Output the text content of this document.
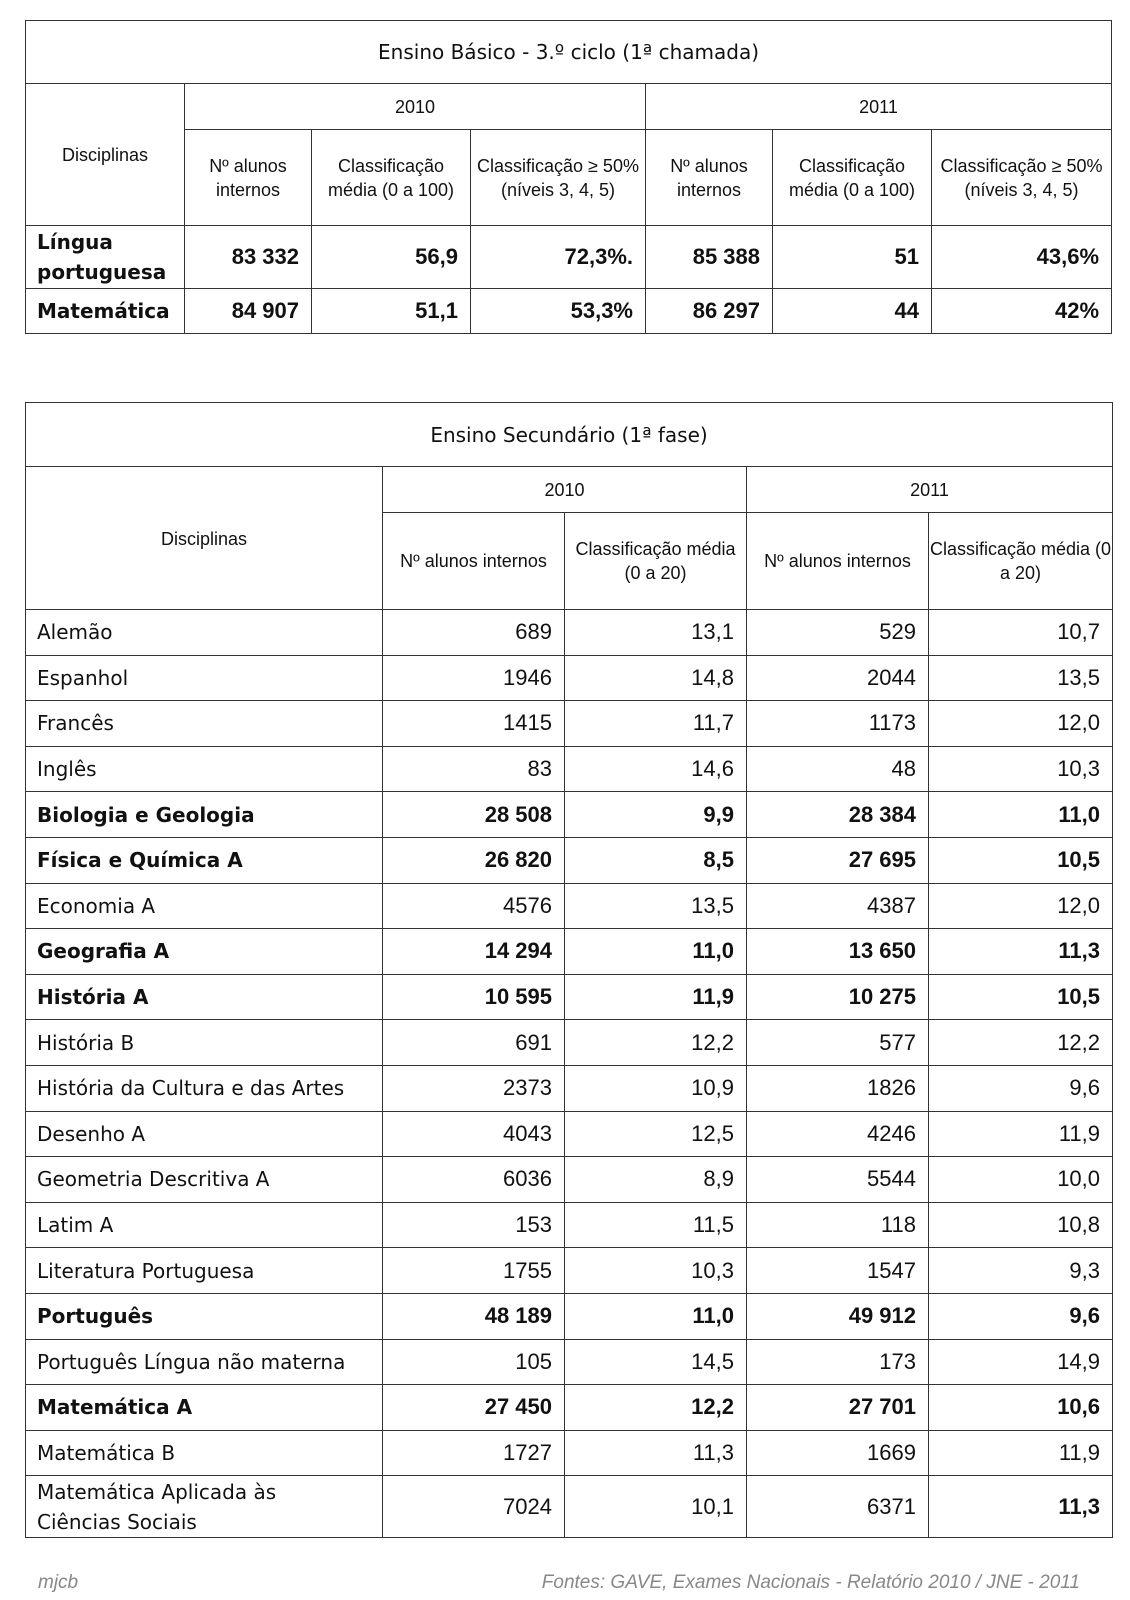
Ensino Básico - 3.º ciclo (1ª chamada)						
Disciplinas	2010			2011		
	Nº alunos internos	Classificação média (0 a 100)	Classificação ≥ 50% (níveis 3, 4, 5)	Nº alunos internos	Classificação média (0 a 100)	Classificação ≥ 50% (níveis 3, 4, 5)
Língua portuguesa	83 332	56,9	72,3%.	85 388	51	43,6%
Matemática	84 907	51,1	53,3%	86 297	44	42%
Ensino Secundário (1ª fase)				
Disciplinas	2010		2011	
	Nº alunos internos	Classificação média (0 a 20)	Nº alunos internos	Classificação média (0 a 20)
Alemão	689	13,1	529	10,7
Espanhol	1946	14,8	2044	13,5
Francês	1415	11,7	1173	12,0
Inglês	83	14,6	48	10,3
Biologia e Geologia	28 508	9,9	28 384	11,0
Física e Química A	26 820	8,5	27 695	10,5
Economia A	4576	13,5	4387	12,0
Geografia A	14 294	11,0	13 650	11,3
História A	10 595	11,9	10 275	10,5
História B	691	12,2	577	12,2
História da Cultura e das Artes	2373	10,9	1826	9,6
Desenho A	4043	12,5	4246	11,9
Geometria Descritiva A	6036	8,9	5544	10,0
Latim A	153	11,5	118	10,8
Literatura Portuguesa	1755	10,3	1547	9,3
Português	48 189	11,0	49 912	9,6
Português Língua não materna	105	14,5	173	14,9
Matemática A	27 450	12,2	27 701	10,6
Matemática B	1727	11,3	1669	11,9
Matemática Aplicada às Ciências Sociais	7024	10,1	6371	11,3
mjcb	Fontes: GAVE, Exames Nacionais - Relatório 2010 / JNE - 2011
